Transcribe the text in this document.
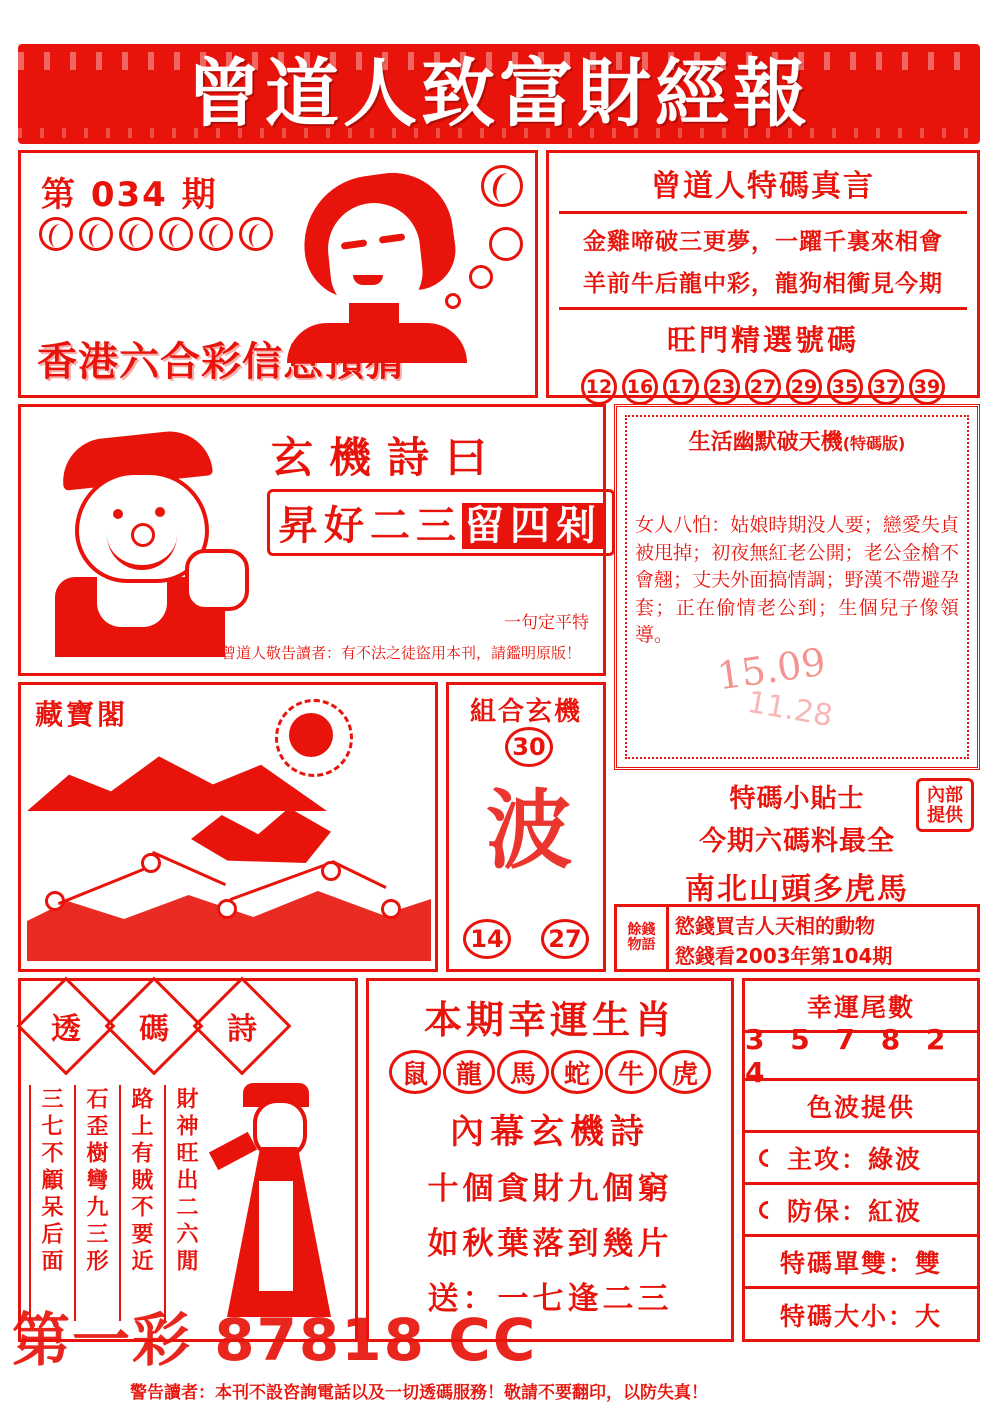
曾道人致富財經報
第 034 期
香港六合彩信息預猜
曾道人特碼真言
金雞啼破三更夢，一躍千裏來相會
羊前牛后龍中彩，龍狗相衝見今期
旺門精選號碼
12 16 17 23 27 29 35 37 39
玄機詩曰
昇好二三留四剁
一句定平特
曾道人敬告讀者：有不法之徒盜用本刊，請鑑明原版！
生活幽默破天機(特碼版)
女人八怕：姑娘時期没人要；戀愛失貞被甩掉；初夜無紅老公開；老公金槍不會翹；丈夫外面搞情調；野漢不帶避孕套；正在偷情老公到；生個兒子像領導。
15.09
11.28
藏寶閣	組合玄機
30
波
14	27
特碼小貼士
今期六碼料最全
南北山頭多虎馬
內部
提供
餘錢
物語
慾錢買吉人天相的動物
慾錢看2003年第104期
透 碼 詩
財神旺出二六閒
路上有賊不要近
石歪樹彎九三形
三七不顧呆后面
本期幸運生肖
鼠	龍	馬	蛇	牛	虎
內幕玄機詩
十個貪財九個窮
如秋葉落到幾片
送：一七逢二三
幸運尾數
3 5 7 8 2 4
色波提供
主攻：綠波
防保：紅波
特碼單雙：雙
特碼大小：大
第一彩 87818 CC
警告讀者：本刊不設咨詢電話以及一切透碼服務！敬請不要翻印，以防失真！
